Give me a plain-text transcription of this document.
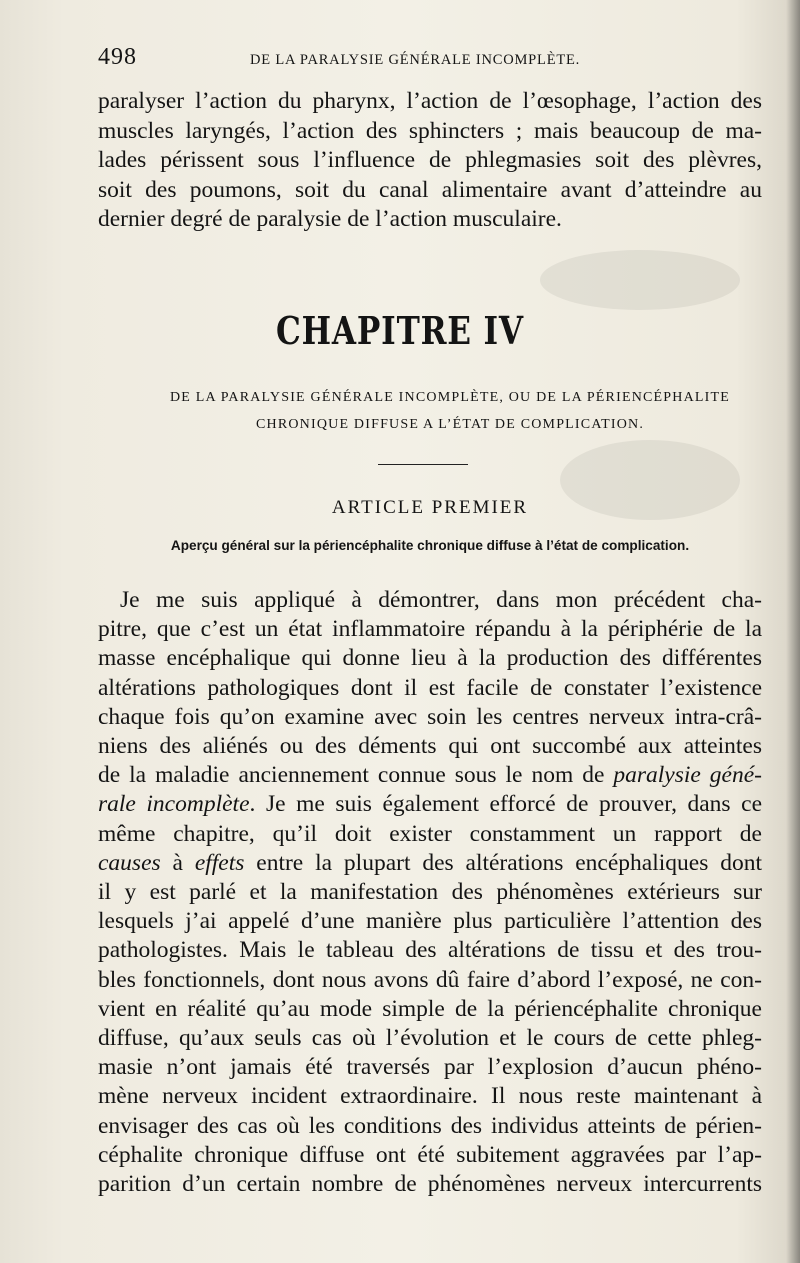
498	DE LA PARALYSIE GÉNÉRALE INCOMPLÈTE.
paralyser l’action du pharynx, l’action de l’œsophage, l’action des
muscles laryngés, l’action des sphincters ; mais beaucoup de ma-
lades périssent sous l’influence de phlegmasies soit des plèvres,
soit des poumons, soit du canal alimentaire avant d’atteindre au
dernier degré de paralysie de l’action musculaire.
CHAPITRE IV
DE LA PARALYSIE GÉNÉRALE INCOMPLÈTE, OU DE LA PÉRIENCÉPHALITE
CHRONIQUE DIFFUSE A L’ÉTAT DE COMPLICATION.
ARTICLE PREMIER
Aperçu général sur la périencéphalite chronique diffuse à l’état de complication.
Je me suis appliqué à démontrer, dans mon précédent cha-
pitre, que c’est un état inflammatoire répandu à la périphérie de la
masse encéphalique qui donne lieu à la production des différentes
altérations pathologiques dont il est facile de constater l’existence
chaque fois qu’on examine avec soin les centres nerveux intra-crâ-
niens des aliénés ou des déments qui ont succombé aux atteintes
de la maladie anciennement connue sous le nom de paralysie géné-
rale incomplète. Je me suis également efforcé de prouver, dans ce
même chapitre, qu’il doit exister constamment un rapport de
causes à effets entre la plupart des altérations encéphaliques dont
il y est parlé et la manifestation des phénomènes extérieurs sur
lesquels j’ai appelé d’une manière plus particulière l’attention des
pathologistes. Mais le tableau des altérations de tissu et des trou-
bles fonctionnels, dont nous avons dû faire d’abord l’exposé, ne con-
vient en réalité qu’au mode simple de la périencéphalite chronique
diffuse, qu’aux seuls cas où l’évolution et le cours de cette phleg-
masie n’ont jamais été traversés par l’explosion d’aucun phéno-
mène nerveux incident extraordinaire. Il nous reste maintenant à
envisager des cas où les conditions des individus atteints de périen-
céphalite chronique diffuse ont été subitement aggravées par l’ap-
parition d’un certain nombre de phénomènes nerveux intercurrents
